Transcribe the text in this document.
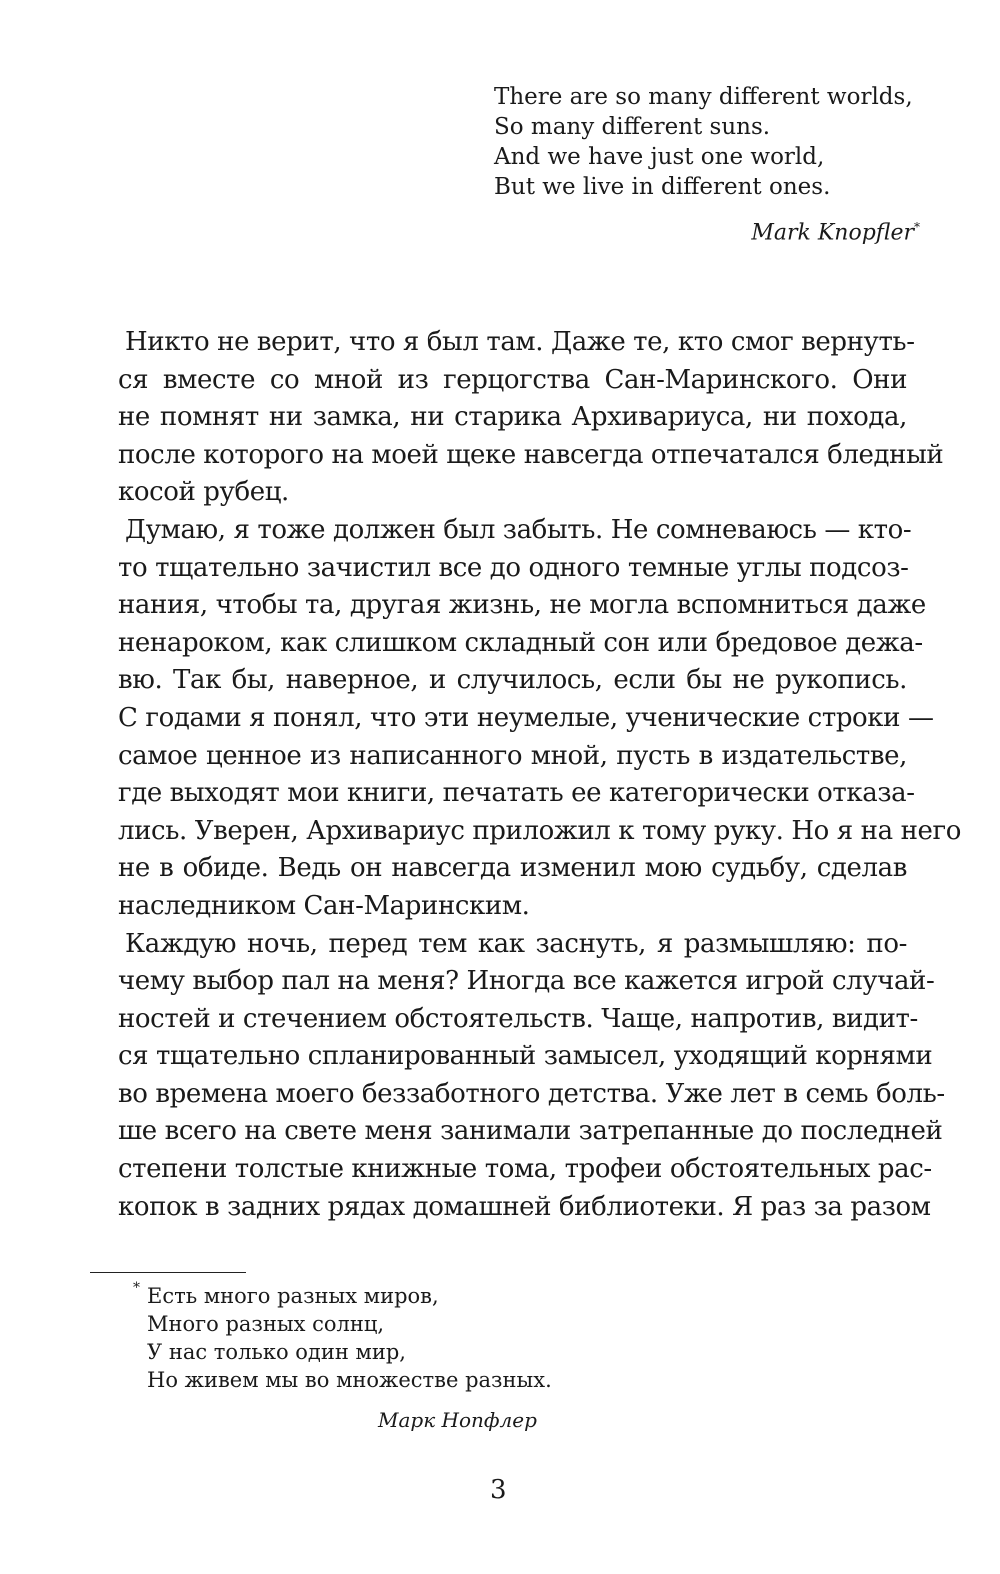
There are so many different worlds,
So many different suns.
And we have just one world,
But we live in different ones.
Mark Knopfler*
Никто не верит, что я был там. Даже те, кто смог вернуть-
ся вместе со мной из герцогства Сан-Маринского. Они
не помнят ни замка, ни старика Архивариуса, ни похода,
после которого на моей щеке навсегда отпечатался бледный
косой рубец.
Думаю, я тоже должен был забыть. Не сомневаюсь — кто-
то тщательно зачистил все до одного темные углы подсоз-
нания, чтобы та, другая жизнь, не могла вспомниться даже
ненароком, как слишком складный сон или бредовое дежа-
вю. Так бы, наверное, и случилось, если бы не рукопись.
С годами я понял, что эти неумелые, ученические строки —
самое ценное из написанного мной, пусть в издательстве,
где выходят мои книги, печатать ее категорически отказа-
лись. Уверен, Архивариус приложил к тому руку. Но я на него
не в обиде. Ведь он навсегда изменил мою судьбу, сделав
наследником Сан-Маринским.
Каждую ночь, перед тем как заснуть, я размышляю: по-
чему выбор пал на меня? Иногда все кажется игрой случай-
ностей и стечением обстоятельств. Чаще, напротив, видит-
ся тщательно спланированный замысел, уходящий корнями
во времена моего беззаботного детства. Уже лет в семь боль-
ше всего на свете меня занимали затрепанные до последней
степени толстые книжные тома, трофеи обстоятельных рас-
копок в задних рядах домашней библиотеки. Я раз за разом
* Есть много разных миров,
Много разных солнц,
У нас только один мир,
Но живем мы во множестве разных.
Марк Нопфлер
3
